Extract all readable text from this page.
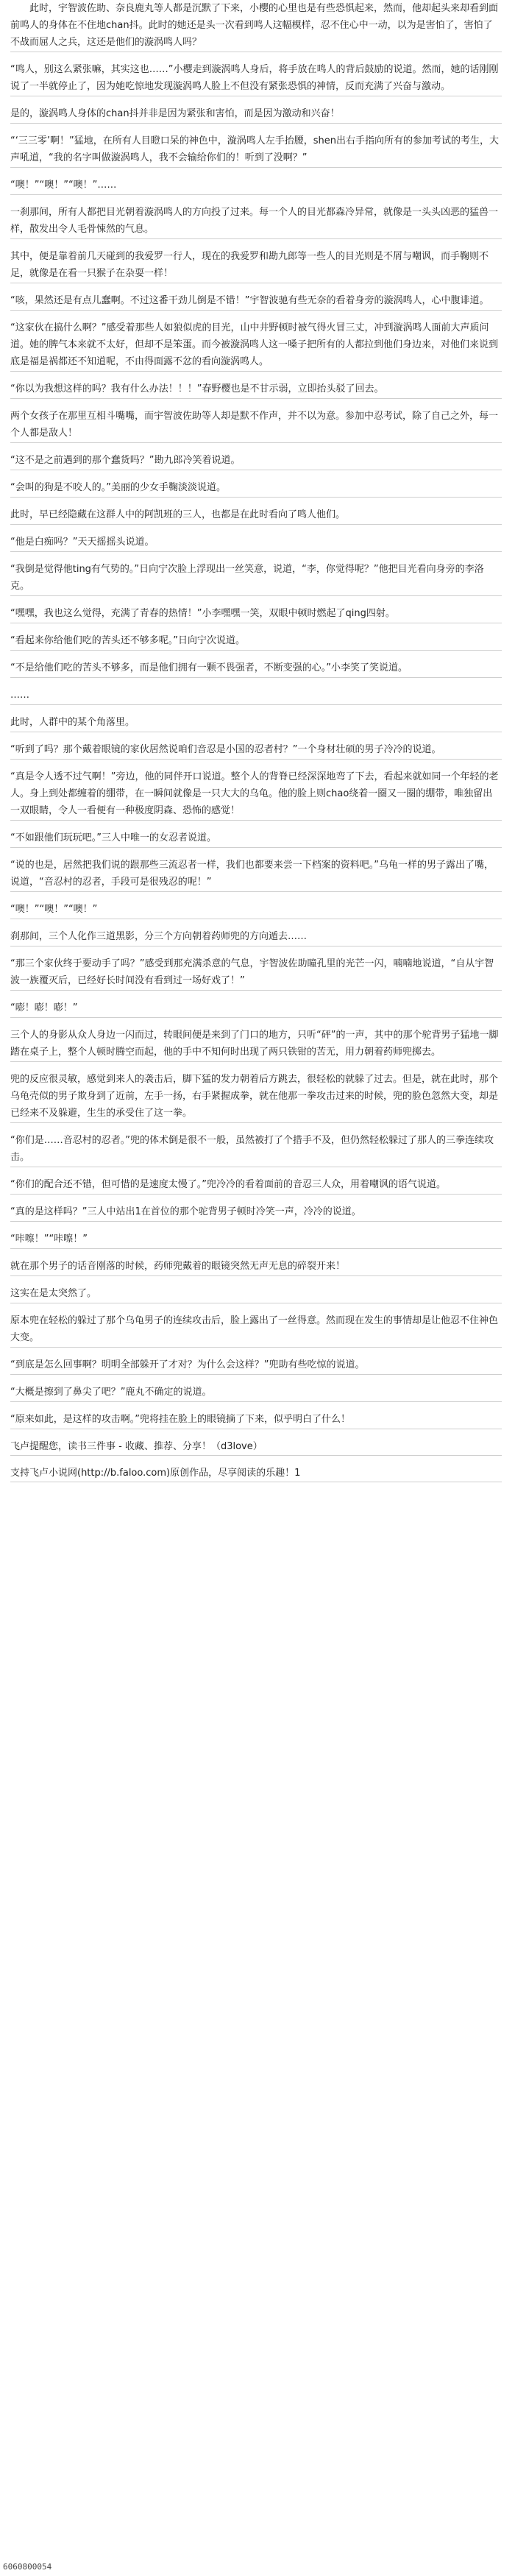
此时，宇智波佐助、奈良鹿丸等人都是沉默了下来，小樱的心里也是有些恐惧起来，然而，他却起头来却看到面前鸣人的身体在不住地chan抖。此时的她还是头一次看到鸣人这幅模样，忍不住心中一动，以为是害怕了，害怕了不战而屈人之兵，这还是他们的漩涡鸣人吗？

“鸣人，别这么紧张嘛，其实这也……”小樱走到漩涡鸣人身后，将手放在鸣人的背后鼓励的说道。然而，她的话刚刚说了一半就停止了，因为她吃惊地发现漩涡鸣人脸上不但没有紧张恐惧的神情，反而充满了兴奋与激动。

是的，漩涡鸣人身体的chan抖并非是因为紧张和害怕，而是因为激动和兴奋！

“‘三三零’啊！”猛地，在所有人目瞪口呆的神色中，漩涡鸣人左手抬腰，shen出右手指向所有的参加考试的考生，大声吼道，“我的名字叫做漩涡鸣人，我不会输给你们的！听到了没啊？”

“噢！”“噢！”“噢！”……

一刹那间，所有人都把目光朝着漩涡鸣人的方向投了过来。每一个人的目光都森冷异常，就像是一头头凶恶的猛兽一样，散发出令人毛骨悚然的气息。

其中，便是靠着前几天碰到的我爱罗一行人，现在的我爱罗和勘九郎等一些人的目光则是不屑与嘲讽，而手鞠则不足，就像是在看一只猴子在杂耍一样！

“咳，果然还是有点儿蠢啊。不过这番干劲儿倒是不错！”宇智波驰有些无奈的看着身旁的漩涡鸣人，心中腹诽道。

“这家伙在搞什么啊？”感受着那些人如狼似虎的目光，山中井野顿时被气得火冒三丈，冲到漩涡鸣人面前大声质问道。她的脾气本来就不太好，但却不是笨蛋。而今被漩涡鸣人这一嗓子把所有的人都拉到他们身边来，对他们来说到底是福是祸都还不知道呢，不由得面露不忿的看向漩涡鸣人。

“你以为我想这样的吗？我有什么办法！！！”春野樱也是不甘示弱，立即抬头驳了回去。

两个女孩子在那里互相斗嘴嘴，而宇智波佐助等人却是默不作声，并不以为意。参加中忍考试，除了自己之外，每一个人都是敌人！

“这不是之前遇到的那个蠢货吗？”勘九郎冷笑着说道。

“会叫的狗是不咬人的。”美丽的少女手鞠淡淡说道。

此时，早已经隐藏在这群人中的阿凯班的三人，也都是在此时看向了鸣人他们。

“他是白痴吗？”天天摇摇头说道。

“我倒是觉得他ting有气势的。”日向宁次脸上浮现出一丝笑意，说道，“李，你觉得呢？”他把目光看向身旁的李洛克。

“嘿嘿，我也这么觉得，充满了青春的热情！”小李嘿嘿一笑，双眼中顿时燃起了qing四射。

“看起来你给他们吃的苦头还不够多呢。”日向宁次说道。

“不是给他们吃的苦头不够多，而是他们拥有一颗不畏强者，不断变强的心。”小李笑了笑说道。

……

此时，人群中的某个角落里。

“听到了吗？那个戴着眼镜的家伙居然说咱们音忍是小国的忍者村？”一个身材壮硕的男子冷冷的说道。

“真是令人透不过气啊！”旁边，他的同伴开口说道。整个人的背脊已经深深地弯了下去，看起来就如同一个年轻的老人。身上到处都缠着的绷带，在一瞬间就像是一只大大的乌龟。他的脸上则chao绕着一圈又一圈的绷带，唯独留出一双眼睛，令人一看便有一种极度阴森、恐怖的感觉！

“不如跟他们玩玩吧。”三人中唯一的女忍者说道。

“说的也是，居然把我们说的跟那些三流忍者一样，我们也都要来尝一下档案的资料吧。”乌龟一样的男子露出了嘴，说道，“音忍村的忍者，手段可是很残忍的呢！”

“噢！”“噢！”“噢！”

刹那间，三个人化作三道黑影，分三个方向朝着药师兜的方向遁去……

“那三个家伙终于要动手了吗？”感受到那充满杀意的气息，宇智波佐助瞳孔里的光芒一闪，喃喃地说道，“自从宇智波一族覆灭后，已经好长时间没有看到过一场好戏了！”

“嘭！嘭！嘭！”

三个人的身影从众人身边一闪而过，转眼间便是来到了门口的地方，只听“砰”的一声，其中的那个驼背男子猛地一脚踏在桌子上，整个人顿时腾空而起，他的手中不知何时出现了两只铁钳的苦无，用力朝着药师兜掷去。

兜的反应很灵敏，感觉到来人的袭击后，脚下猛的发力朝着后方跳去，很轻松的就躲了过去。但是，就在此时，那个乌龟壳似的男子欺身到了近前，左手一扬，右手紧握成拳，就在他那一拳攻击过来的时候，兜的脸色忽然大变，却是已经来不及躲避，生生的承受住了这一拳。

“你们是……音忍村的忍者。”兜的体术倒是很不一般，虽然被打了个措手不及，但仍然轻松躲过了那人的三拳连续攻击。

“你们的配合还不错，但可惜的是速度太慢了。”兜冷冷的看着面前的音忍三人众，用着嘲讽的语气说道。

“真的是这样吗？”三人中站出1在首位的那个驼背男子顿时冷笑一声，冷冷的说道。

“咔嚓！”“咔嚓！”

就在那个男子的话音刚落的时候，药师兜戴着的眼镜突然无声无息的碎裂开来！

这实在是太突然了。

原本兜在轻松的躲过了那个乌龟男子的连续攻击后，脸上露出了一丝得意。然而现在发生的事情却是让他忍不住神色大变。

“到底是怎么回事啊？明明全部躲开了才对？为什么会这样？”兜助有些吃惊的说道。

“大概是擦到了鼻尖了吧？”鹿丸不确定的说道。

“原来如此，是这样的攻击啊。”兜将挂在脸上的眼镜摘了下来，似乎明白了什么！

飞卢提醒您，读书三件事 - 收藏、推荐、分享！（d3love）
支持飞卢小说网(http://b.faloo.com)原创作品，尽享阅读的乐趣！1
6060800054
